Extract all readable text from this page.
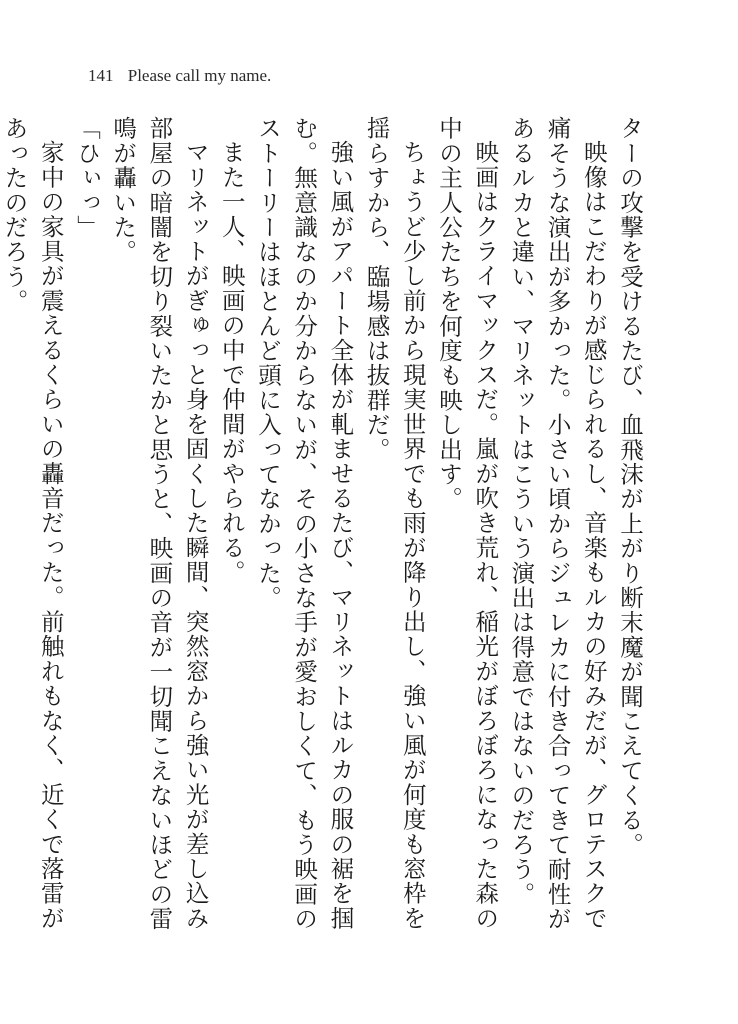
141 Please call my name.

ターの攻撃を受けるたび、血飛沫が上がり断末魔が聞こえてくる。

映像はこだわりが感じられるし、音楽もルカの好みだが、グロテスクで痛そうな演出が多かった。小さい頃からジュレカに付き合ってきて耐性があるルカと違い、マリネットはこういう演出は得意ではないのだろう。

映画はクライマックスだ。嵐が吹き荒れ、稲光がぼろぼろになった森の中の主人公たちを何度も映し出す。

ちょうど少し前から現実世界でも雨が降り出し、強い風が何度も窓枠を揺らすから、臨場感は抜群だ。

強い風がアパート全体が軋ませるたび、マリネットはルカの服の裾を掴む。無意識なのか分からないが、その小さな手が愛おしくて、もう映画のストーリーはほとんど頭に入ってなかった。

また一人、映画の中で仲間がやられる。

マリネットがぎゅっと身を固くした瞬間、突然窓から強い光が差し込み部屋の暗闇を切り裂いたかと思うと、映画の音が一切聞こえないほどの雷鳴が轟いた。

「ひぃっ」

家中の家具が震えるくらいの轟音だった。前触れもなく、近くで落雷があったのだろう。
